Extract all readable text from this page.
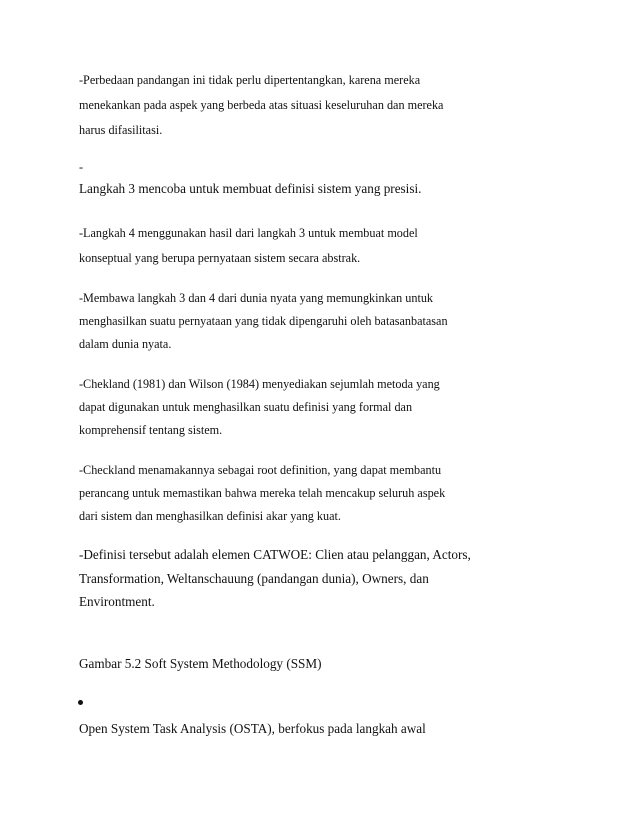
-Perbedaan pandangan ini tidak perlu dipertentangkan, karena mereka
menekankan pada aspek yang berbeda atas situasi keseluruhan dan mereka
harus difasilitasi.
-
Langkah 3 mencoba untuk membuat definisi sistem yang presisi.
-Langkah 4 menggunakan hasil dari langkah 3 untuk membuat model
konseptual yang berupa pernyataan sistem secara abstrak.
-Membawa langkah 3 dan 4 dari dunia nyata yang memungkinkan untuk
menghasilkan suatu pernyataan yang tidak dipengaruhi oleh batasanbatasan
dalam dunia nyata.
-Chekland (1981) dan Wilson (1984) menyediakan sejumlah metoda yang
dapat digunakan untuk menghasilkan suatu definisi yang formal dan
komprehensif tentang sistem.
-Checkland menamakannya sebagai root definition, yang dapat membantu
perancang untuk memastikan bahwa mereka telah mencakup seluruh aspek
dari sistem dan menghasilkan definisi akar yang kuat.
-Definisi tersebut adalah elemen CATWOE: Clien atau pelanggan, Actors,
Transformation, Weltanschauung (pandangan dunia), Owners, dan
Environtment.
Gambar 5.2 Soft System Methodology (SSM)
Open System Task Analysis (OSTA), berfokus pada langkah awal
